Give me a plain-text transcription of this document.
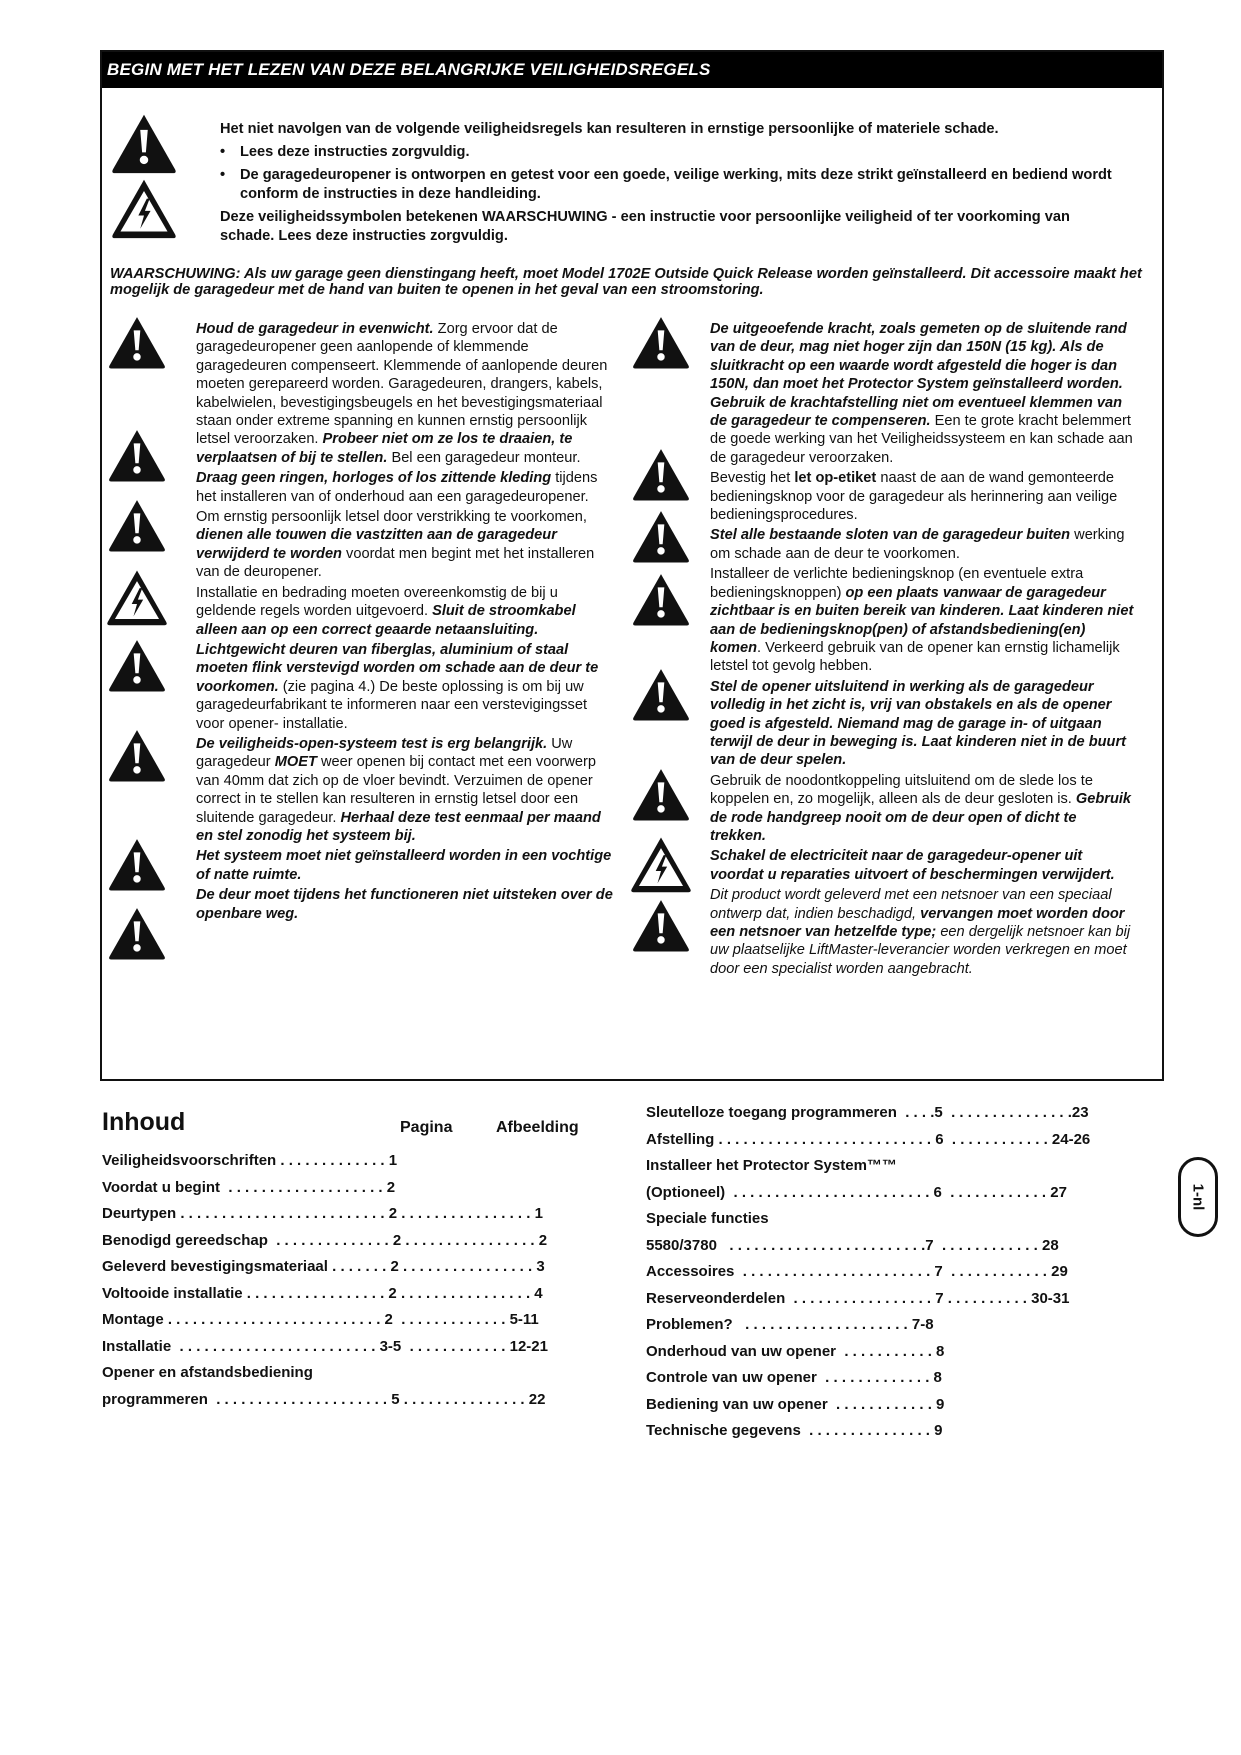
BEGIN MET HET LEZEN VAN DEZE BELANGRIJKE VEILIGHEIDSREGELS

Het niet navolgen van de volgende veiligheidsregels kan resulteren in ernstige persoonlijke of materiele schade.

• Lees deze instructies zorgvuldig.
• De garagedeuropener is ontworpen en getest voor een goede, veilige werking, mits deze strikt geïnstalleerd en bediend wordt conform de instructies in deze handleiding.

Deze veiligheidssymbolen betekenen WAARSCHUWING - een instructie voor persoonlijke veiligheid of ter voorkoming van schade. Lees deze instructies zorgvuldig.

WAARSCHUWING: Als uw garage geen dienstingang heeft, moet Model 1702E Outside Quick Release worden geïnstalleerd. Dit accessoire maakt het mogelijk de garagedeur met de hand van buiten te openen in het geval van een stroomstoring.

Houd de garagedeur in evenwicht. Zorg ervoor dat de garagedeuropener geen aanlopende of klemmende garagedeuren compenseert. Klemmende of aanlopende deuren moeten gerepareerd worden. Garagedeuren, drangers, kabels, kabelwielen, bevestigingsbeugels en het bevestigingsmateriaal staan onder extreme spanning en kunnen ernstig persoonlijk letsel veroorzaken. Probeer niet om ze los te draaien, te verplaatsen of bij te stellen. Bel een garagedeur monteur.

Draag geen ringen, horloges of los zittende kleding tijdens het installeren van of onderhoud aan een garagedeuropener.

Om ernstig persoonlijk letsel door verstrikking te voorkomen, dienen alle touwen die vastzitten aan de garagedeur verwijderd te worden voordat men begint met het installeren van de deuropener.

Installatie en bedrading moeten overeenkomstig de bij u geldende regels worden uitgevoerd. Sluit de stroomkabel alleen aan op een correct geaarde netaansluiting.

Lichtgewicht deuren van fiberglas, aluminium of staal moeten flink verstevigd worden om schade aan de deur te voorkomen. (zie pagina 4.) De beste oplossing is om bij uw garagedeurfabrikant te informeren naar een verstevigingsset voor opener- installatie.

De veiligheids-open-systeem test is erg belangrijk. Uw garagedeur MOET weer openen bij contact met een voorwerp van 40mm dat zich op de vloer bevindt. Verzuimen de opener correct in te stellen kan resulteren in ernstig letsel door een sluitende garagedeur. Herhaal deze test eenmaal per maand en stel zonodig het systeem bij.

Het systeem moet niet geïnstalleerd worden in een vochtige of natte ruimte.

De deur moet tijdens het functioneren niet uitsteken over de openbare weg.

De uitgeoefende kracht, zoals gemeten op de sluitende rand van de deur, mag niet hoger zijn dan 150N (15 kg). Als de sluitkracht op een waarde wordt afgesteld die hoger is dan 150N, dan moet het Protector System geïnstalleerd worden. Gebruik de krachtafstelling niet om eventueel klemmen van de garagedeur te compenseren. Een te grote kracht belemmert de goede werking van het Veiligheidssysteem en kan schade aan de garagedeur veroorzaken.

Bevestig het let op-etiket naast de aan de wand gemonteerde bedieningsknop voor de garagedeur als herinnering aan veilige bedieningsprocedures.

Stel alle bestaande sloten van de garagedeur buiten werking om schade aan de deur te voorkomen.

Installeer de verlichte bedieningsknop (en eventuele extra bedieningsknoppen) op een plaats vanwaar de garagedeur zichtbaar is en buiten bereik van kinderen. Laat kinderen niet aan de bedieningsknop(pen) of afstandsbediening(en) komen. Verkeerd gebruik van de opener kan ernstig lichamelijk letstel tot gevolg hebben.

Stel de opener uitsluitend in werking als de garagedeur volledig in het zicht is, vrij van obstakels en als de opener goed is afgesteld. Niemand mag de garage in- of uitgaan terwijl de deur in beweging is. Laat kinderen niet in de buurt van de deur spelen.

Gebruik de noodontkoppeling uitsluitend om de slede los te koppelen en, zo mogelijk, alleen als de deur gesloten is. Gebruik de rode handgreep nooit om de deur open of dicht te trekken.

Schakel de electriciteit naar de garagedeur-opener uit voordat u reparaties uitvoert of beschermingen verwijdert.

Dit product wordt geleverd met een netsnoer van een speciaal ontwerp dat, indien beschadigd, vervangen moet worden door een netsnoer van hetzelfde type; een dergelijk netsnoer kan bij uw plaatselijke LiftMaster-leverancier worden verkregen en moet door een specialist worden aangebracht.

Inhoud	Pagina	Afbeelding
Veiligheidsvoorschriften . . . . . . . . . . . . . 1
Voordat u begint  . . . . . . . . . . . . . . . . . . . 2
Deurtypen . . . . . . . . . . . . . . . . . . . . . . . . . 2 . . . . . . . . . . . . . . . . 1
Benodigd gereedschap  . . . . . . . . . . . . . . 2 . . . . . . . . . . . . . . . . 2
Geleverd bevestigingsmateriaal . . . . . . . 2 . . . . . . . . . . . . . . . . 3
Voltooide installatie . . . . . . . . . . . . . . . . . 2 . . . . . . . . . . . . . . . . 4
Montage . . . . . . . . . . . . . . . . . . . . . . . . . . 2  . . . . . . . . . . . . . 5-11
Installatie  . . . . . . . . . . . . . . . . . . . . . . . . 3-5  . . . . . . . . . . . . 12-21
Opener en afstandsbediening
programmeren  . . . . . . . . . . . . . . . . . . . . . 5 . . . . . . . . . . . . . . . 22
Sleutelloze toegang programmeren  . . . .5  . . . . . . . . . . . . . . .23
Afstelling . . . . . . . . . . . . . . . . . . . . . . . . . . 6  . . . . . . . . . . . . 24-26
Installeer het Protector System™™
(Optioneel)  . . . . . . . . . . . . . . . . . . . . . . . . 6  . . . . . . . . . . . . 27
Speciale functies
5580/3780   . . . . . . . . . . . . . . . . . . . . . . . .7  . . . . . . . . . . . . 28
Accessoires  . . . . . . . . . . . . . . . . . . . . . . . 7  . . . . . . . . . . . . 29
Reserveonderdelen  . . . . . . . . . . . . . . . . . 7 . . . . . . . . . . 30-31
Problemen?   . . . . . . . . . . . . . . . . . . . . 7-8
Onderhoud van uw opener  . . . . . . . . . . . 8
Controle van uw opener  . . . . . . . . . . . . . 8
Bediening van uw opener  . . . . . . . . . . . . 9
Technische gegevens  . . . . . . . . . . . . . . . 9
1-nl
